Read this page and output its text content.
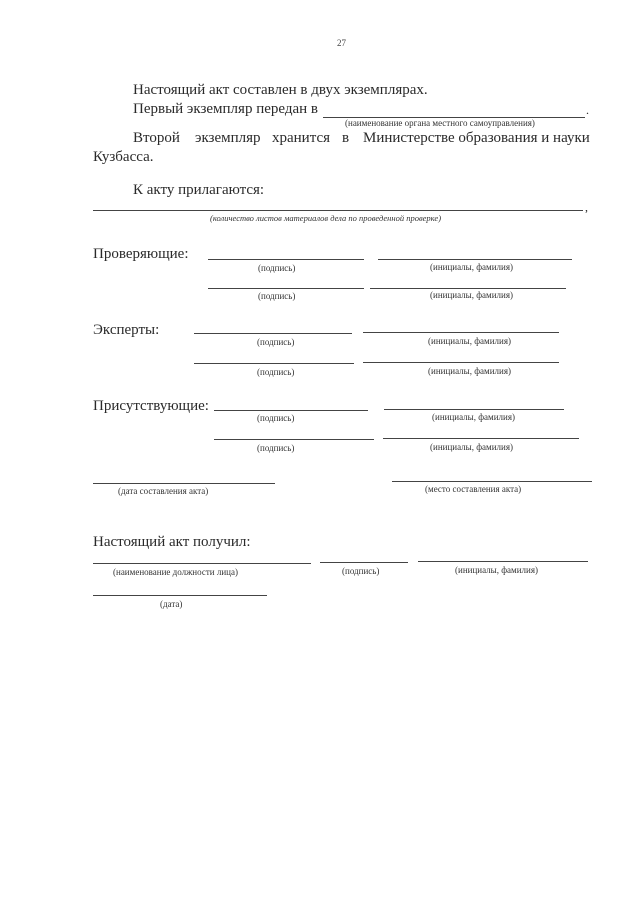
27
Настоящий акт составлен в двух экземплярах.
Первый экземпляр передан в	.
(наименование органа местного самоуправления)
Второй экземпляр хранится в Министерстве образования и науки
Кузбасса.
К акту прилагаются:
,
(количество листов материалов дела по проведенной проверке)
Проверяющие:
(подпись)	(инициалы, фамилия)
(подпись)	(инициалы, фамилия)
Эксперты:
(подпись)	(инициалы, фамилия)
(подпись)	(инициалы, фамилия)
Присутствующие:
(подпись)	(инициалы, фамилия)
(подпись)	(инициалы, фамилия)
(дата составления акта)	(место составления акта)
Настоящий акт получил:
(наименование должности лица)	(подпись)	(инициалы, фамилия)
(дата)
